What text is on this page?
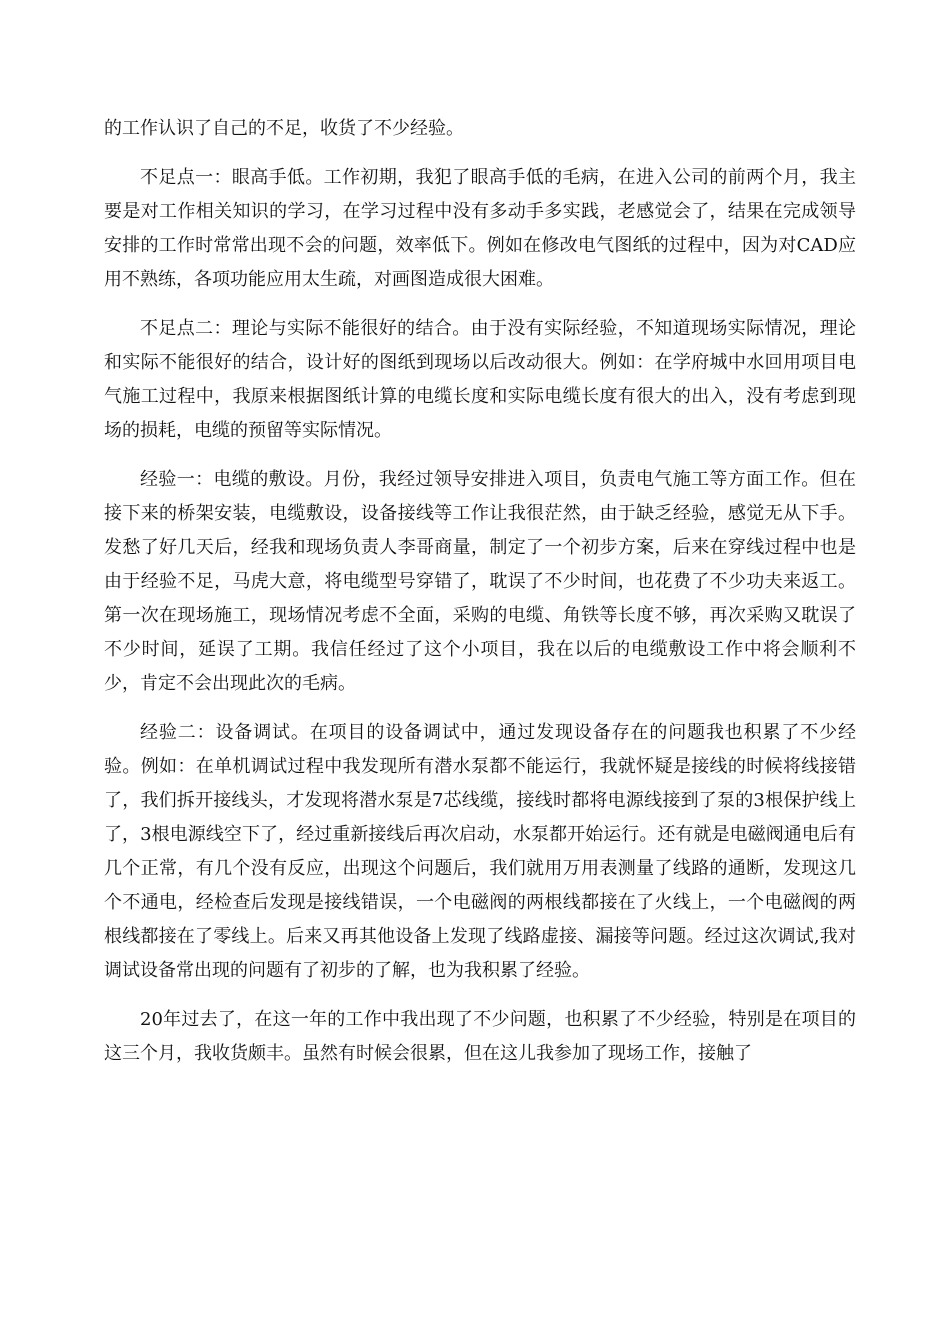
的工作认识了自己的不足，收货了不少经验。

不足点一：眼高手低。工作初期，我犯了眼高手低的毛病，在进入公司的前两个月，我主要是对工作相关知识的学习，在学习过程中没有多动手多实践，老感觉会了，结果在完成领导安排的工作时常常出现不会的问题，效率低下。例如在修改电气图纸的过程中，因为对CAD应用不熟练，各项功能应用太生疏，对画图造成很大困难。

不足点二：理论与实际不能很好的结合。由于没有实际经验，不知道现场实际情况，理论和实际不能很好的结合，设计好的图纸到现场以后改动很大。例如：在学府城中水回用项目电气施工过程中，我原来根据图纸计算的电缆长度和实际电缆长度有很大的出入，没有考虑到现场的损耗，电缆的预留等实际情况。

经验一：电缆的敷设。月份，我经过领导安排进入项目，负责电气施工等方面工作。但在接下来的桥架安装，电缆敷设，设备接线等工作让我很茫然，由于缺乏经验，感觉无从下手。发愁了好几天后，经我和现场负责人李哥商量，制定了一个初步方案，后来在穿线过程中也是由于经验不足，马虎大意，将电缆型号穿错了，耽误了不少时间，也花费了不少功夫来返工。第一次在现场施工，现场情况考虑不全面，采购的电缆、角铁等长度不够，再次采购又耽误了不少时间，延误了工期。我信任经过了这个小项目，我在以后的电缆敷设工作中将会顺利不少，肯定不会出现此次的毛病。

经验二：设备调试。在项目的设备调试中，通过发现设备存在的问题我也积累了不少经验。例如：在单机调试过程中我发现所有潜水泵都不能运行，我就怀疑是接线的时候将线接错了，我们拆开接线头，才发现将潜水泵是7芯线缆，接线时都将电源线接到了泵的3根保护线上了，3根电源线空下了，经过重新接线后再次启动，水泵都开始运行。还有就是电磁阀通电后有几个正常，有几个没有反应，出现这个问题后，我们就用万用表测量了线路的通断，发现这几个不通电，经检查后发现是接线错误，一个电磁阀的两根线都接在了火线上，一个电磁阀的两根线都接在了零线上。后来又再其他设备上发现了线路虚接、漏接等问题。经过这次调试,我对调试设备常出现的问题有了初步的了解，也为我积累了经验。

20年过去了，在这一年的工作中我出现了不少问题，也积累了不少经验，特别是在项目的这三个月，我收货颇丰。虽然有时候会很累，但在这儿我参加了现场工作，接触了
